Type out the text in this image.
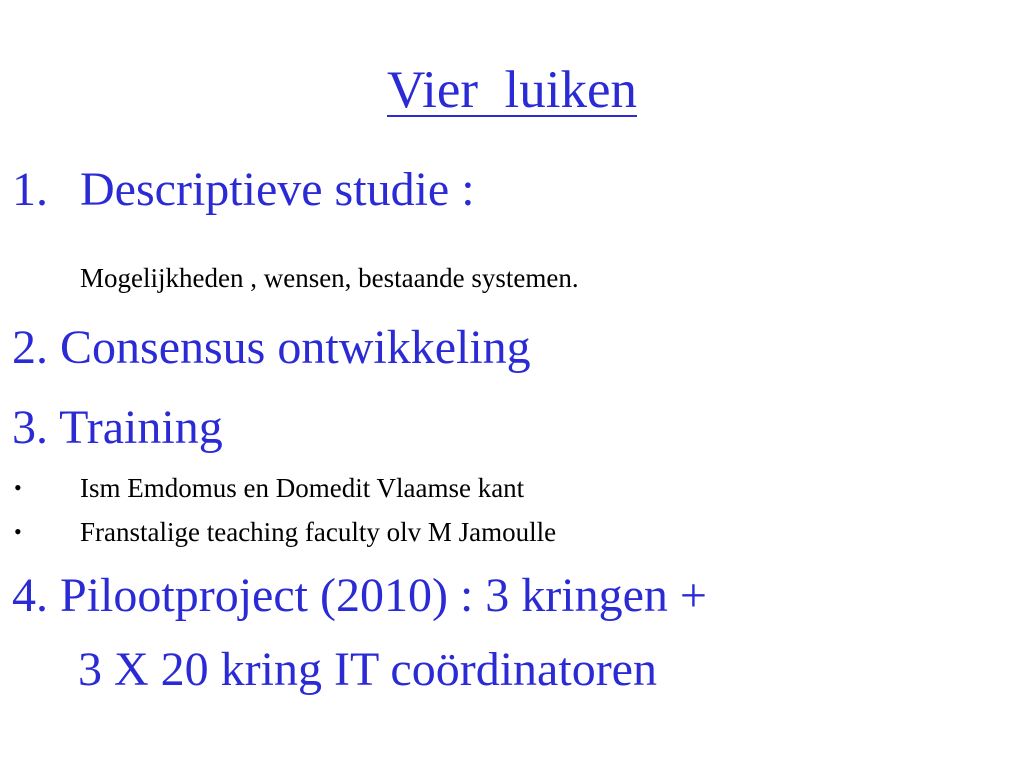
Vier  luiken
1. Descriptieve studie :
Mogelijkheden , wensen, bestaande systemen.
2. Consensus ontwikkeling
3. Training
• Ism Emdomus en Domedit Vlaamse kant
• Franstalige teaching faculty olv M Jamoulle
4. Pilootproject (2010) : 3 kringen +
3 X 20 kring IT coördinatoren
